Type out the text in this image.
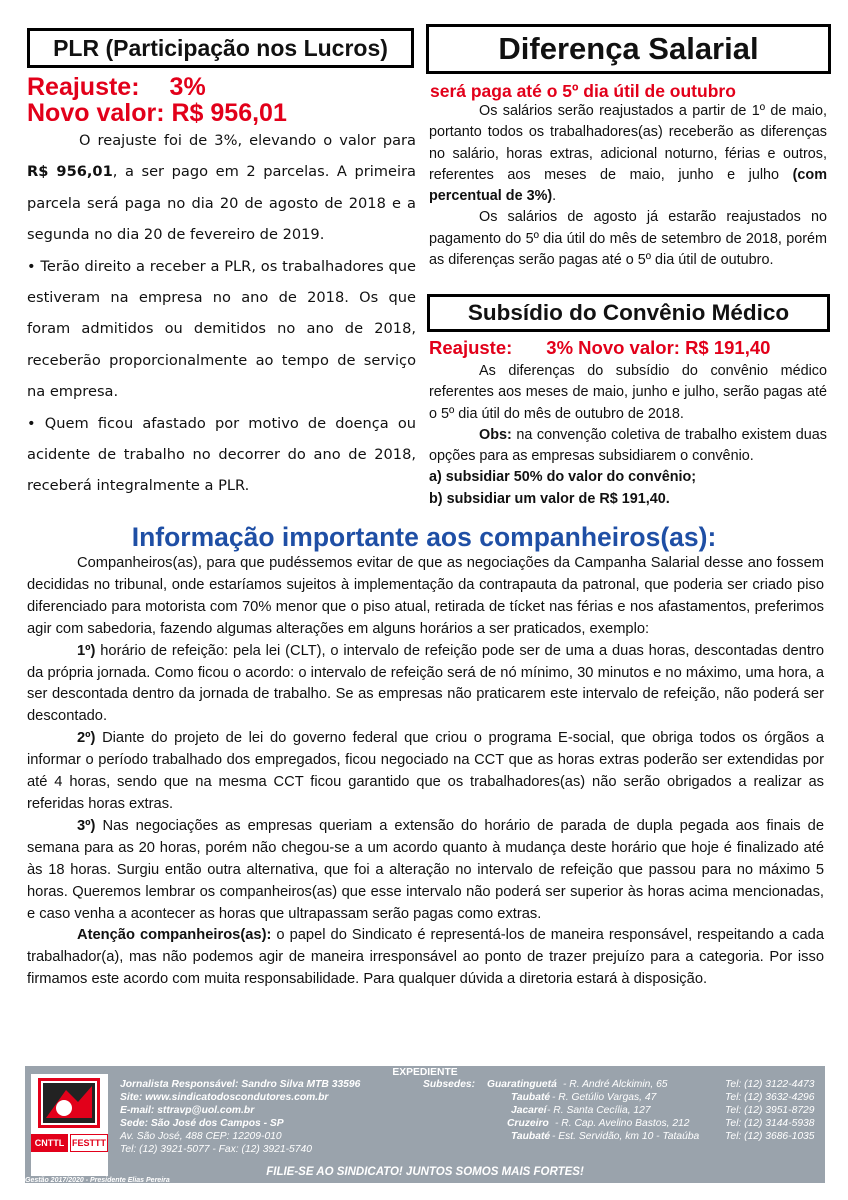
PLR (Participação nos Lucros)
Reajuste: 3%
Novo valor: R$ 956,01

O reajuste foi de 3%, elevando o valor para R$ 956,01, a ser pago em 2 parcelas. A primeira parcela será paga no dia 20 de agosto de 2018 e a segunda no dia 20 de fevereiro de 2019.

• Terão direito a receber a PLR, os trabalhadores que estiveram na empresa no ano de 2018. Os que foram admitidos ou demitidos no ano de 2018, receberão proporcionalmente ao tempo de serviço na empresa.

• Quem ficou afastado por motivo de doença ou acidente de trabalho no decorrer do ano de 2018, receberá integralmente a PLR.

Diferença Salarial
será paga até o 5º dia útil de outubro

Os salários serão reajustados a partir de 1º de maio, portanto todos os trabalhadores(as) receberão as diferenças no salário, horas extras, adicional noturno, férias e outros, referentes aos meses de maio, junho e julho (com percentual de 3%).

Os salários de agosto já estarão reajustados no pagamento do 5º dia útil do mês de setembro de 2018, porém as diferenças serão pagas até o 5º dia útil de outubro.

Subsídio do Convênio Médico
Reajuste: 3% Novo valor: R$ 191,40

As diferenças do subsídio do convênio médico referentes aos meses de maio, junho e julho, serão pagas até o 5º dia útil do mês de outubro de 2018.

Obs: na convenção coletiva de trabalho existem duas opções para as empresas subsidiarem o convênio.

a) subsidiar 50% do valor do convênio;

b) subsidiar um valor de R$ 191,40.

Informação importante aos companheiros(as):

Companheiros(as), para que pudéssemos evitar de que as negociações da Campanha Salarial desse ano fossem decididas no tribunal, onde estaríamos sujeitos à implementação da contrapauta da patronal, que poderia ser criado piso diferenciado para motorista com 70% menor que o piso atual, retirada de tícket nas férias e nos afastamentos, preferimos agir com sabedoria, fazendo algumas alterações em alguns horários a ser praticados, exemplo:

1º) horário de refeição: pela lei (CLT), o intervalo de refeição pode ser de uma a duas horas, descontadas dentro da própria jornada. Como ficou o acordo: o intervalo de refeição será de nó mínimo, 30 minutos e no máximo, uma hora, a ser descontada dentro da jornada de trabalho. Se as empresas não praticarem este intervalo de refeição, não poderá ser descontado.

2º) Diante do projeto de lei do governo federal que criou o programa E-social, que obriga todos os órgãos a informar o período trabalhado dos empregados, ficou negociado na CCT que as horas extras poderão ser extendidas por até 4 horas, sendo que na mesma CCT ficou garantido que os trabalhadores(as) não serão obrigados a realizar as referidas horas extras.

3º) Nas negociações as empresas queriam a extensão do horário de parada de dupla pegada aos finais de semana para as 20 horas, porém não chegou-se a um acordo quanto à mudança deste horário que hoje é finalizado até às 18 horas. Surgiu então outra alternativa, que foi a alteração no intervalo de refeição que passou para no máximo 5 horas. Queremos lembrar os companheiros(as) que esse intervalo não poderá ser superior às horas acima mencionadas, e caso venha a acontecer as horas que ultrapassam serão pagas como extras.

Atenção companheiros(as): o papel do Sindicato é representá-los de maneira responsável, respeitando a cada trabalhador(a), mas não podemos agir de maneira irresponsável ao ponto de trazer prejuízo para a categoria. Por isso firmamos este acordo com muita responsabilidade. Para qualquer dúvida a diretoria estará à disposição.

EXPEDIENTE
CNTTL FESTTT
Jornalista Responsável: Sandro Silva MTB 33596
Site: www.sindicatodoscondutores.com.br
E-mail: sttravp@uol.com.br
Sede: São José dos Campos - SP
Av. São José, 488 CEP: 12209-010
Tel: (12) 3921-5077 - Fax: (12) 3921-5740
Subsedes: Guaratinguetá - R. André Alckimin, 65	Tel: (12) 3122-4473
Taubaté - R. Getúlio Vargas, 47	Tel: (12) 3632-4296
Jacareí - R. Santa Cecília, 127	Tel: (12) 3951-8729
Cruzeiro - R. Cap. Avelino Bastos, 212	Tel: (12) 3144-5938
Taubaté - Est. Servidão, km 10 - Tataúba Tel: (12) 3686-1035
FILIE-SE AO SINDICATO! JUNTOS SOMOS MAIS FORTES!
Gestão 2017/2020 - Presidente Elias Pereira
